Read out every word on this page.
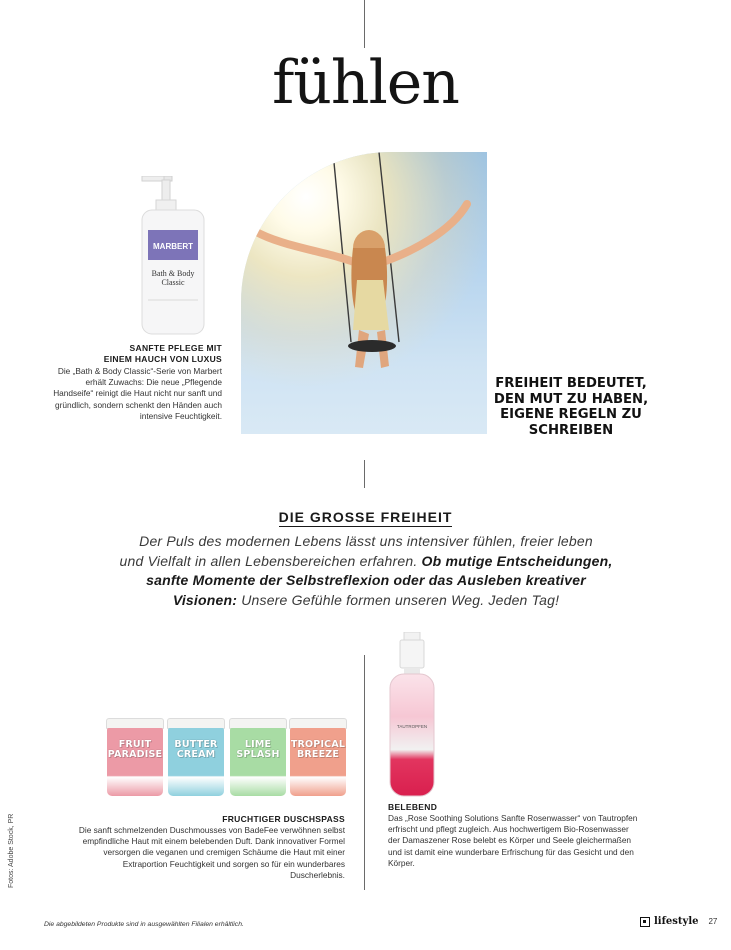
fühlen
MARBERT
Bath & Body
Classic
SANFTE PFLEGE MIT
EINEM HAUCH VON LUXUS

Die „Bath & Body Classic“-Serie von Marbert erhält Zuwachs: Die neue „Pflegende Handseife“ reinigt die Haut nicht nur sanft und gründlich, sondern schenkt den Händen auch intensive Feuchtigkeit.

FREIHEIT BEDEUTET,
DEN MUT ZU HABEN,
EIGENE REGELN ZU
SCHREIBEN
DIE GROSSE FREIHEIT
Der Puls des modernen Lebens lässt uns intensiver fühlen, freier leben
und Vielfalt in allen Lebensbereichen erfahren. Ob mutige Entscheidungen,
sanfte Momente der Selbstreflexion oder das Ausleben kreativer
Visionen: Unsere Gefühle formen unseren Weg. Jeden Tag!
FRUIT
PARADISE
BUTTER
CREAM
LIME
SPLASH
TROPICAL
BREEZE

FRUCHTIGER DUSCHSPASS

Die sanft schmelzenden Duschmousses von BadeFee verwöhnen selbst empfindliche Haut mit einem belebenden Duft. Dank innovativer Formel versorgen die veganen und cremigen Schäume die Haut mit einer Extraportion Feuchtigkeit und sorgen so für ein wunderbares Duscherlebnis.

TAUTROPFEN

BELEBEND

Das „Rose Soothing Solutions Sanfte Rosenwasser“ von Tautropfen erfrischt und pflegt zugleich. Aus hochwertigem Bio-Rosenwasser der Damaszener Rose belebt es Körper und Seele gleichermaßen und ist damit eine wunderbare Erfrischung für das Gesicht und den Körper.

Fotos: Adobe Stock, PR
Die abgebildeten Produkte sind in ausgewählten Filialen erhältlich.	lifestyle 27
